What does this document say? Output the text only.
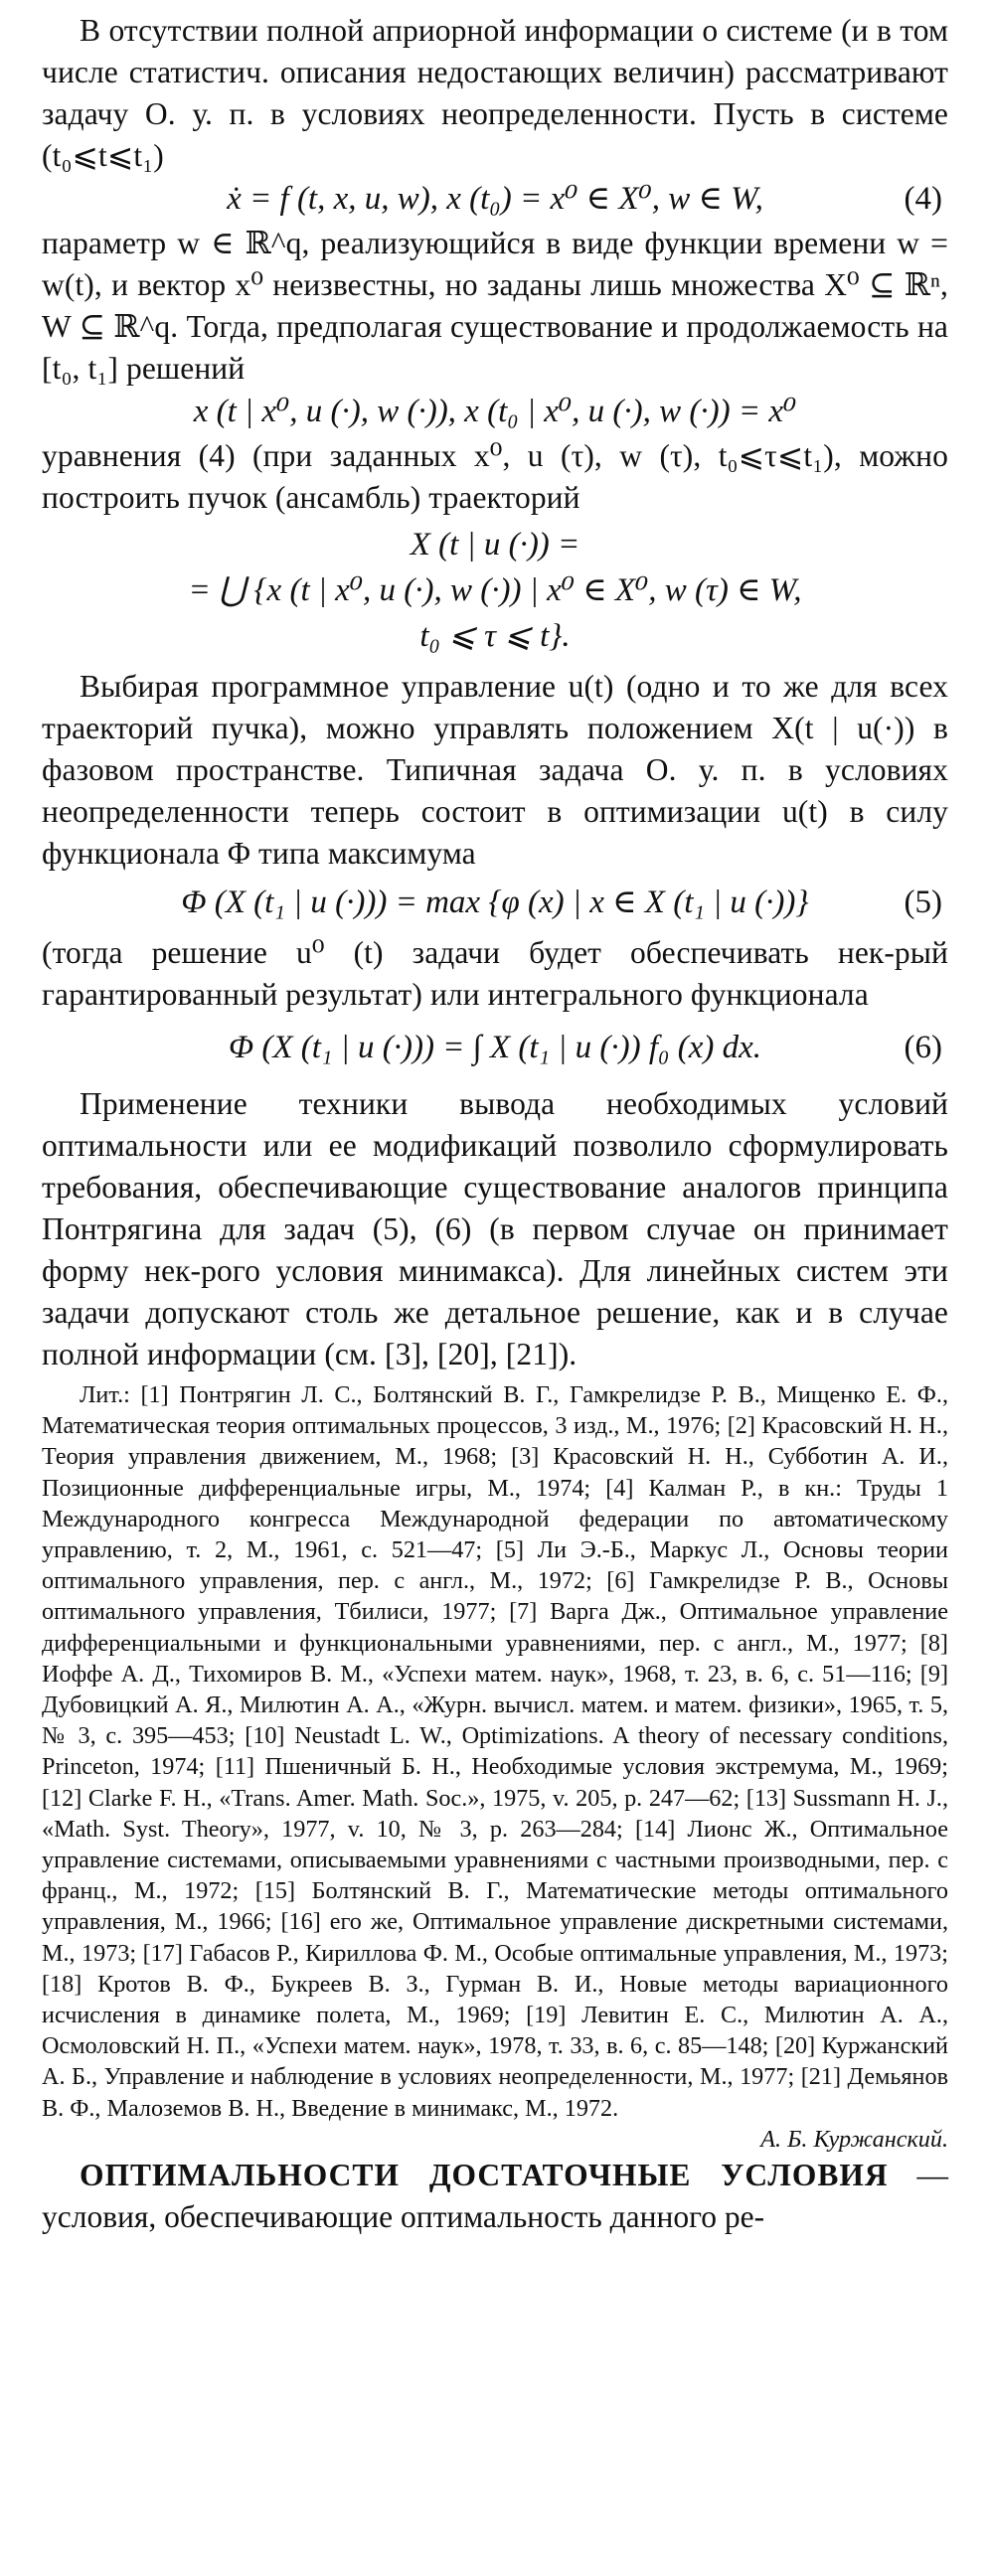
В отсутствии полной априорной информации о системе (и в том числе статистич. описания недостающих величин) рассматривают задачу О. у. п. в условиях неопределенности. Пусть в системе (t₀⩽t⩽t₁)

ẋ = f (t, x, u, w), x (t₀) = x⁰ ∈ X⁰, w ∈ W,	(4)

параметр w ∈ ℝ^q, реализующийся в виде функции времени w = w(t), и вектор x⁰ неизвестны, но заданы лишь множества X⁰ ⊆ ℝⁿ, W ⊆ ℝ^q. Тогда, предполагая существование и продолжаемость на [t₀, t₁] решений

x (t | x⁰, u (·), w (·)), x (t₀ | x⁰, u (·), w (·)) = x⁰

уравнения (4) (при заданных x⁰, u (τ), w (τ), t₀⩽τ⩽t₁), можно построить пучок (ансамбль) траекторий

X (t | u (·)) =
= ⋃ {x (t | x⁰, u (·), w (·)) | x⁰ ∈ X⁰, w (τ) ∈ W,
t₀ ⩽ τ ⩽ t}.

Выбирая программное управление u(t) (одно и то же для всех траекторий пучка), можно управлять положением X(t | u(·)) в фазовом пространстве. Типичная задача О. у. п. в условиях неопределенности теперь состоит в оптимизации u(t) в силу функционала Φ типа максимума

Φ (X (t₁ | u (·))) = max {φ (x) | x ∈ X (t₁ | u (·))}	(5)

(тогда решение u⁰ (t) задачи будет обеспечивать нек-рый гарантированный результат) или интегрального функционала

Φ (X (t₁ | u (·))) = ∫ X (t₁ | u (·)) f₀ (x) dx.	(6)

Применение техники вывода необходимых условий оптимальности или ее модификаций позволило сформулировать требования, обеспечивающие существование аналогов принципа Понтрягина для задач (5), (6) (в первом случае он принимает форму нек-рого условия минимакса). Для линейных систем эти задачи допускают столь же детальное решение, как и в случае полной информации (см. [3], [20], [21]).

Лит.: [1] Понтрягин Л. С., Болтянский В. Г., Гамкрелидзе Р. В., Мищенко Е. Ф., Математическая теория оптимальных процессов, 3 изд., М., 1976; [2] Красовский Н. Н., Теория управления движением, М., 1968; [3] Красовский Н. Н., Субботин А. И., Позиционные дифференциальные игры, М., 1974; [4] Калман Р., в кн.: Труды 1 Международного конгресса Международной федерации по автоматическому управлению, т. 2, М., 1961, с. 521—47; [5] Ли Э.-Б., Маркус Л., Основы теории оптимального управления, пер. с англ., М., 1972; [6] Гамкрелидзе Р. В., Основы оптимального управления, Тбилиси, 1977; [7] Варга Дж., Оптимальное управление дифференциальными и функциональными уравнениями, пер. с англ., М., 1977; [8] Иоффе А. Д., Тихомиров В. М., «Успехи матем. наук», 1968, т. 23, в. 6, с. 51—116; [9] Дубовицкий А. Я., Милютин А. А., «Журн. вычисл. матем. и матем. физики», 1965, т. 5, № 3, с. 395—453; [10] Neustadt L. W., Optimizations. A theory of necessary conditions, Princeton, 1974; [11] Пшеничный Б. Н., Необходимые условия экстремума, М., 1969; [12] Clarke F. H., «Trans. Amer. Math. Soc.», 1975, v. 205, p. 247—62; [13] Sussmann H. J., «Math. Syst. Theory», 1977, v. 10, № 3, p. 263—284; [14] Лионс Ж., Оптимальное управление системами, описываемыми уравнениями с частными производными, пер. с франц., М., 1972; [15] Болтянский В. Г., Математические методы оптимального управления, М., 1966; [16] его же, Оптимальное управление дискретными системами, М., 1973; [17] Габасов Р., Кириллова Ф. М., Особые оптимальные управления, М., 1973; [18] Кротов В. Ф., Букреев В. З., Гурман В. И., Новые методы вариационного исчисления в динамике полета, М., 1969; [19] Левитин Е. С., Милютин А. А., Осмоловский Н. П., «Успехи матем. наук», 1978, т. 33, в. 6, с. 85—148; [20] Куржанский А. Б., Управление и наблюдение в условиях неопределенности, М., 1977; [21] Демьянов В. Ф., Малоземов В. Н., Введение в минимакс, М., 1972.

А. Б. Куржанский.

ОПТИМАЛЬНОСТИ ДОСТАТОЧНЫЕ УСЛОВИЯ — условия, обеспечивающие оптимальность данного ре-
